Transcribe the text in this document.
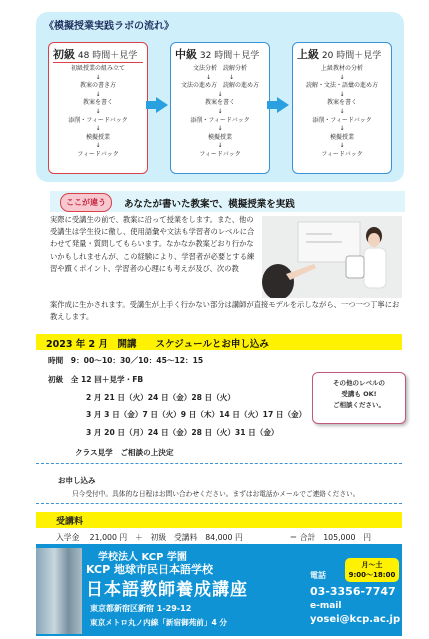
《模擬授業実践ラボの流れ》
初級 48 時間＋見学
初級授業の組み立て
↓
教案の書き方
↓
教案を書く
↓
添削・フィードバック
↓
模擬授業
↓
フィードバック
中級 32 時間＋見学
文法分析　読解分析
↓　　　↓
文法の進め方　読解の進め方
↓
教案を書く
↓
添削・フィードバック
↓
模擬授業
↓
フィードバック
上級 20 時間＋見学
上級教材の分析
↓
読解・文法・語彙の進め方
↓
教案を書く
↓
添削・フィードバック
↓
模擬授業
↓
フィードバック
ここが違う	あなたが書いた教案で、模擬授業を実践
実際に受講生の前で、教案に沿って授業をします。また、他の受講生は学生役に徹し、使用語彙や文法も学習者のレベルに合わせて発量・質問してもらいます。なかなか教案どおり行かないかもしれませんが、この経験により、学習者が必要とする練習や躓くポイント、学習者の心理にも考えが及び、次の教
案作成に生かされます。受講生が上手く行かない部分は講師が直接モデルを示しながら、一つ一つ丁寧にお教えします。
2023 年 2 月　開講　　スケジュールとお申し込み
時間　9：00～10：30／10：45～12：15
初級　全 12 回＋見学・FB
2 月 21 日（火）24 日（金）28 日（火）
3 月 3 日（金）7 日（火）9 日（木）14 日（火）17 日（金）
3 月 20 日（月）24 日（金）28 日（火）31 日（金）
クラス見学　ご相談の上決定
その他のレベルの
受講も OK!
ご相談ください。
お申し込み
只今受付中。具体的な日程はお問い合わせください。まずはお電話かメールでご連絡ください。
受講料
入学金　 21,000 円　＋　初級　受講料　84,000 円　　　　　　＝ 合計　105,000　円
学校法人 KCP 学園
KCP 地球市民日本語学校
日本語教師養成講座
東京都新宿区新宿 1-29-12
東京メトロ丸ノ内線「新宿御苑前」4 分
電話
月～土
9:00～18:00
03-3356-7747
e-mail
yosei@kcp.ac.jp
